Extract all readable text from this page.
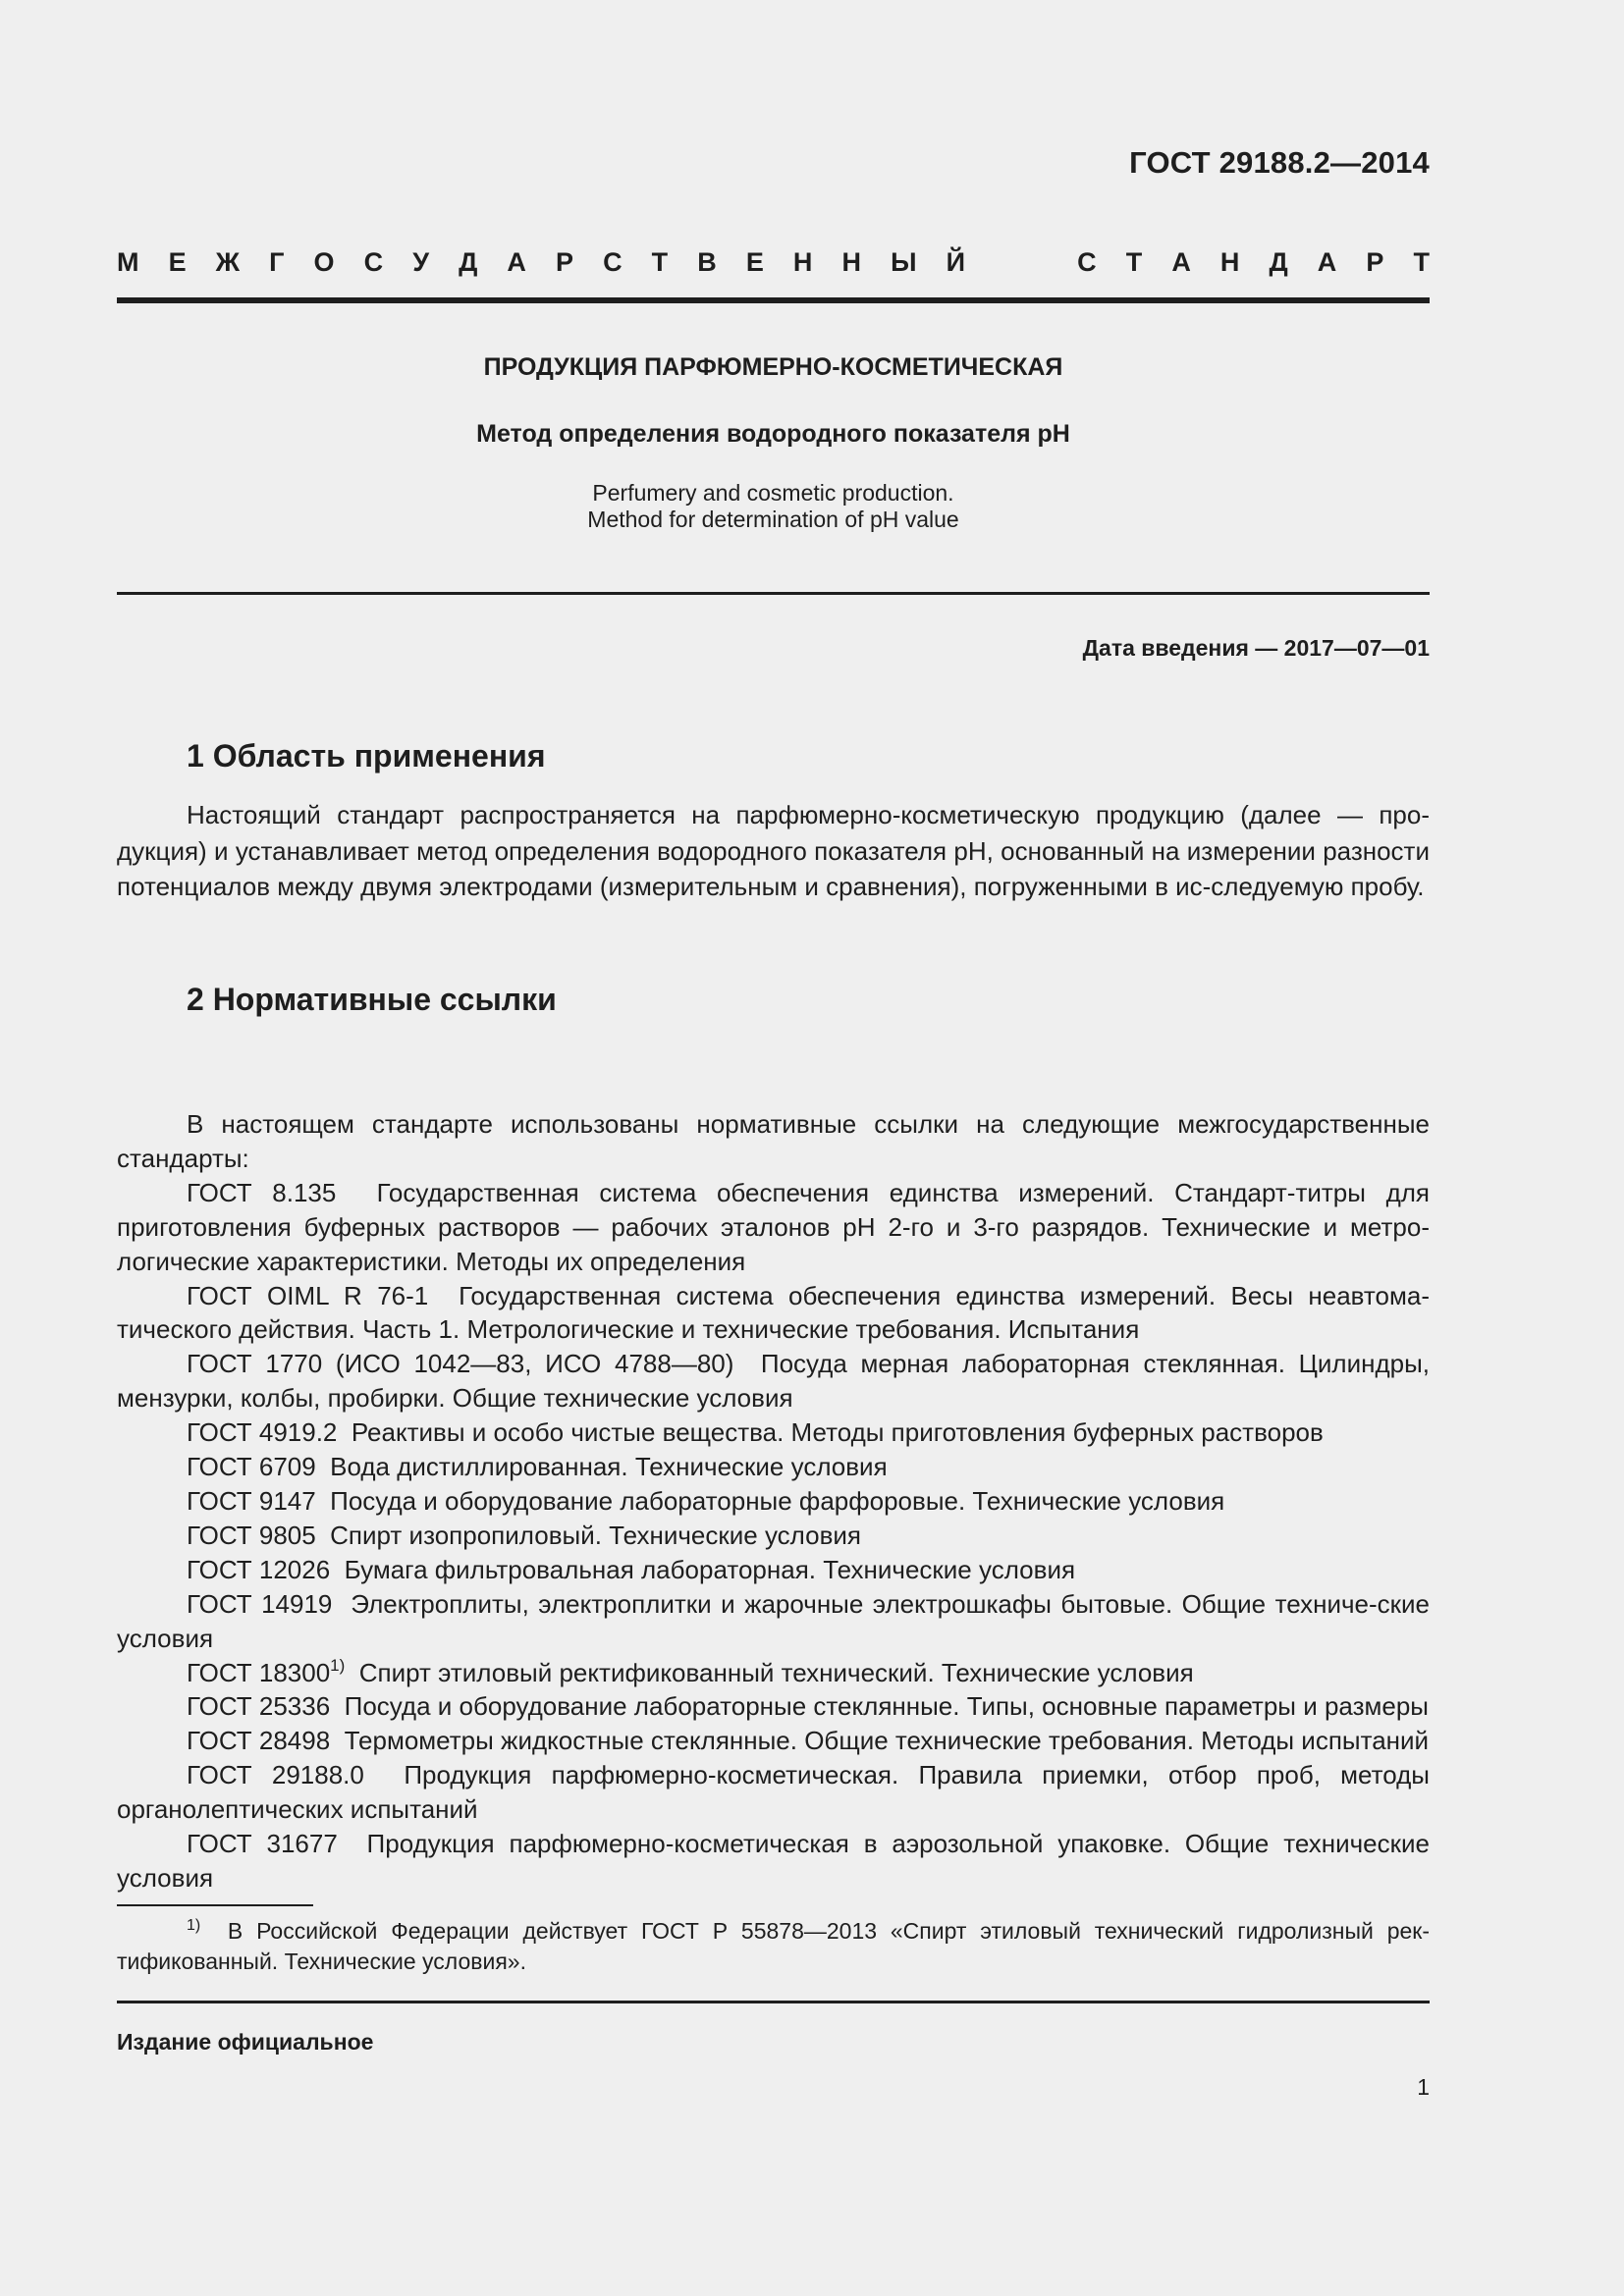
ГОСТ 29188.2—2014
М Е Ж Г О С У Д А Р С Т В Е Н Н Ы Й	С Т А Н Д А Р Т
ПРОДУКЦИЯ ПАРФЮМЕРНО-КОСМЕТИЧЕСКАЯ
Метод определения водородного показателя pH
Perfumery and cosmetic production.
Method for determination of pH value
Дата введения — 2017—07—01
1 Область применения

Настоящий стандарт распространяется на парфюмерно-косметическую продукцию (далее — про-дукция) и устанавливает метод определения водородного показателя pH, основанный на измерении разности потенциалов между двумя электродами (измерительным и сравнения), погруженными в ис-следуемую пробу.

2 Нормативные ссылки

В настоящем стандарте использованы нормативные ссылки на следующие межгосударственные стандарты:

ГОСТ 8.135 Государственная система обеспечения единства измерений. Стандарт-титры для приготовления буферных растворов — рабочих эталонов pH 2-го и 3-го разрядов. Технические и метро-логические характеристики. Методы их определения

ГОСТ OIML R 76-1 Государственная система обеспечения единства измерений. Весы неавтома-тического действия. Часть 1. Метрологические и технические требования. Испытания

ГОСТ 1770 (ИСО 1042—83, ИСО 4788—80) Посуда мерная лабораторная стеклянная. Цилиндры, мензурки, колбы, пробирки. Общие технические условия

ГОСТ 4919.2 Реактивы и особо чистые вещества. Методы приготовления буферных растворов

ГОСТ 6709 Вода дистиллированная. Технические условия

ГОСТ 9147 Посуда и оборудование лабораторные фарфоровые. Технические условия

ГОСТ 9805 Спирт изопропиловый. Технические условия

ГОСТ 12026 Бумага фильтровальная лабораторная. Технические условия

ГОСТ 14919 Электроплиты, электроплитки и жарочные электрошкафы бытовые. Общие техниче-ские условия

ГОСТ 18300$^{1)}$ Спирт этиловый ректификованный технический. Технические условия

ГОСТ 25336 Посуда и оборудование лабораторные стеклянные. Типы, основные параметры и размеры

ГОСТ 28498 Термометры жидкостные стеклянные. Общие технические требования. Методы испытаний

ГОСТ 29188.0 Продукция парфюмерно-косметическая. Правила приемки, отбор проб, методы органолептических испытаний

ГОСТ 31677 Продукция парфюмерно-косметическая в аэрозольной упаковке. Общие технические условия

$^{1)}$ В Российской Федерации действует ГОСТ Р 55878—2013 «Спирт этиловый технический гидролизный рек-тификованный. Технические условия».

Издание официальное
1
